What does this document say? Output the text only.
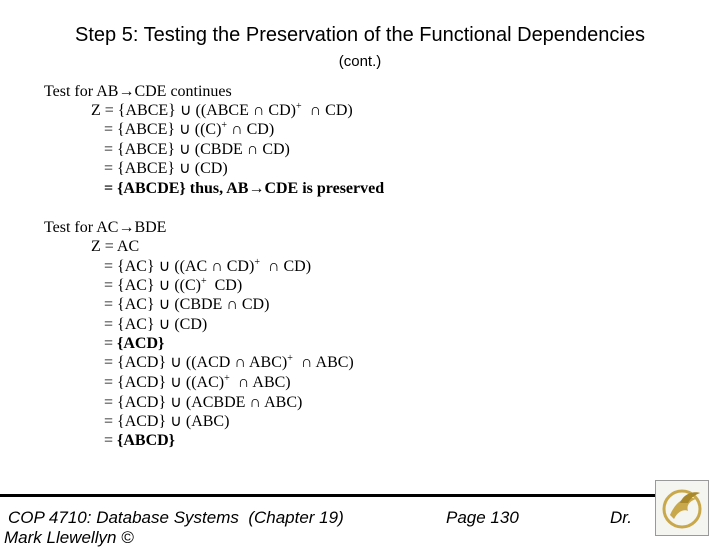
Step 5: Testing the Preservation of the Functional Dependencies
(cont.)
Test for AB→CDE continues
Z = {ABCE} ∪ ((ABCE ∩ CD)+  ∩ CD)
= {ABCE} ∪ ((C)+ ∩ CD)
= {ABCE} ∪ (CBDE ∩ CD)
= {ABCE} ∪ (CD)
= {ABCDE} thus, AB→CDE is preserved
Test for AC→BDE
Z = AC
= {AC} ∪ ((AC ∩ CD)+  ∩ CD)
= {AC} ∪ ((C)+  CD)
= {AC} ∪ (CBDE ∩ CD)
= {AC} ∪ (CD)
= {ACD}
= {ACD} ∪ ((ACD ∩ ABC)+  ∩ ABC)
= {ACD} ∪ ((AC)+  ∩ ABC)
= {ACD} ∪ (ACBDE ∩ ABC)
= {ACD} ∪ (ABC)
= {ABCD}
COP 4710: Database Systems  (Chapter 19)	Page 130	Dr.
Mark Llewellyn ©
